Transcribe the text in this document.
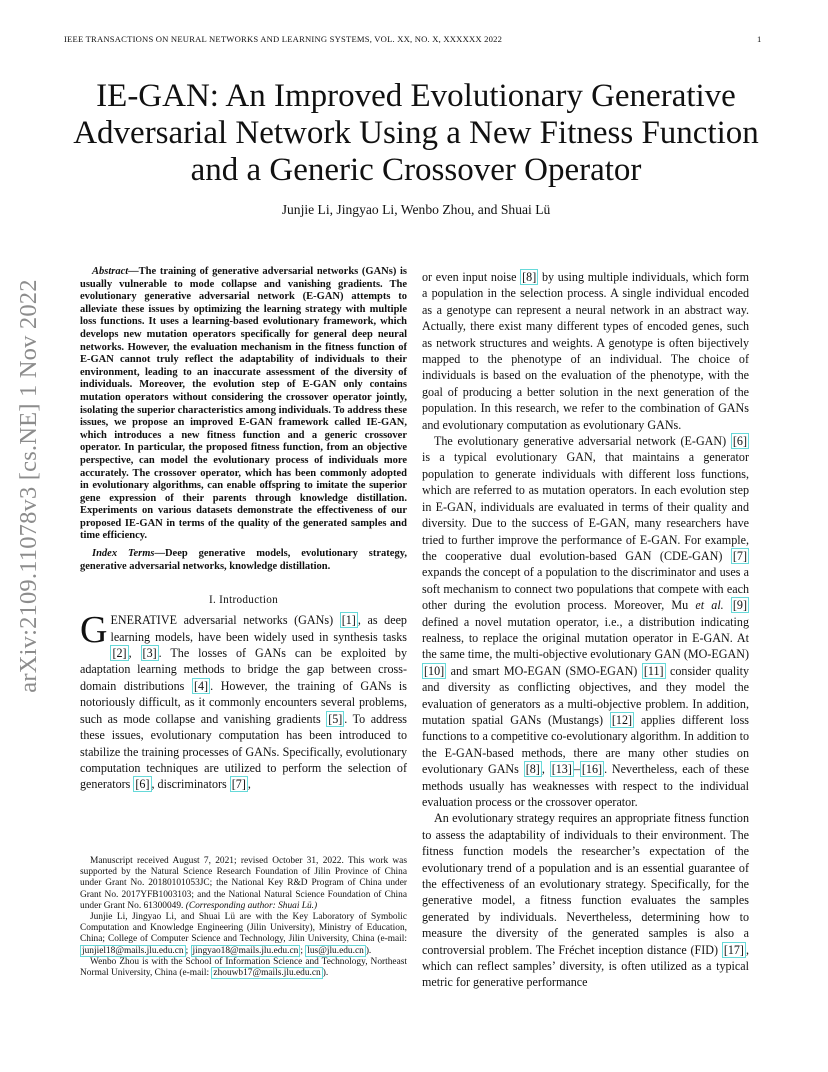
IEEE TRANSACTIONS ON NEURAL NETWORKS AND LEARNING SYSTEMS, VOL. XX, NO. X, XXXXXX 2022	1
arXiv:2109.11078v3 [cs.NE] 1 Nov 2022
IE-GAN: An Improved Evolutionary Generative Adversarial Network Using a New Fitness Function and a Generic Crossover Operator
Junjie Li, Jingyao Li, Wenbo Zhou, and Shuai Lü

Abstract—The training of generative adversarial networks (GANs) is usually vulnerable to mode collapse and vanishing gradients. The evolutionary generative adversarial network (E-GAN) attempts to alleviate these issues by optimizing the learning strategy with multiple loss functions. It uses a learning-based evolutionary framework, which develops new mutation operators specifically for general deep neural networks. However, the evaluation mechanism in the fitness function of E-GAN cannot truly reflect the adaptability of individuals to their environment, leading to an inaccurate assessment of the diversity of individuals. Moreover, the evolution step of E-GAN only contains mutation operators without considering the crossover operator jointly, isolating the superior characteristics among individuals. To address these issues, we propose an improved E-GAN framework called IE-GAN, which introduces a new fitness function and a generic crossover operator. In particular, the proposed fitness function, from an objective perspective, can model the evolutionary process of individuals more accurately. The crossover operator, which has been commonly adopted in evolutionary algorithms, can enable offspring to imitate the superior gene expression of their parents through knowledge distillation. Experiments on various datasets demonstrate the effectiveness of our proposed IE-GAN in terms of the quality of the generated samples and time efficiency.

Index Terms—Deep generative models, evolutionary strategy, generative adversarial networks, knowledge distillation.

I. Introduction

GENERATIVE adversarial networks (GANs) [1] , as deep learning models, have been widely used in synthesis tasks [2] , [3] . The losses of GANs can be exploited by adaptation learning methods to bridge the gap between cross-domain distributions [4] . However, the training of GANs is notoriously difficult, as it commonly encounters several problems, such as mode collapse and vanishing gradients [5] . To address these issues, evolutionary computation has been introduced to stabilize the training processes of GANs. Specifically, evolutionary computation techniques are utilized to perform the selection of generators [6] , discriminators [7] ,

or even input noise [8] by using multiple individuals, which form a population in the selection process. A single individual encoded as a genotype can represent a neural network in an abstract way. Actually, there exist many different types of encoded genes, such as network structures and weights. A genotype is often bijectively mapped to the phenotype of an individual. The choice of individuals is based on the evaluation of the phenotype, with the goal of producing a better solution in the next generation of the population. In this research, we refer to the combination of GANs and evolutionary computation as evolutionary GANs.

The evolutionary generative adversarial network (E-GAN) [6] is a typical evolutionary GAN, that maintains a generator population to generate individuals with different loss functions, which are referred to as mutation operators. In each evolution step in E-GAN, individuals are evaluated in terms of their quality and diversity. Due to the success of E-GAN, many researchers have tried to further improve the performance of E-GAN. For example, the cooperative dual evolution-based GAN (CDE-GAN) [7] expands the concept of a population to the discriminator and uses a soft mechanism to connect two populations that compete with each other during the evolution process. Moreover, Mu et al. [9] defined a novel mutation operator, i.e., a distribution indicating realness, to replace the original mutation operator in E-GAN. At the same time, the multi-objective evolutionary GAN (MO-EGAN) [10] and smart MO-EGAN (SMO-EGAN) [11] consider quality and diversity as conflicting objectives, and they model the evaluation of generators as a multi-objective problem. In addition, mutation spatial GANs (Mustangs) [12] applies different loss functions to a competitive co-evolutionary algorithm. In addition to the E-GAN-based methods, there are many other studies on evolutionary GANs [8] , [13] – [16] . Nevertheless, each of these methods usually has weaknesses with respect to the individual evaluation process or the crossover operator.

An evolutionary strategy requires an appropriate fitness function to assess the adaptability of individuals to their environment. The fitness function models the researcher’s expectation of the evolutionary trend of a population and is an essential guarantee of the effectiveness of an evolutionary strategy. Specifically, for the generative model, a fitness function evaluates the samples generated by individuals. Nevertheless, determining how to measure the diversity of the generated samples is also a controversial problem. The Fréchet inception distance (FID) [17] , which can reflect samples’ diversity, is often utilized as a typical metric for generative performance

Manuscript received August 7, 2021; revised October 31, 2022. This work was supported by the Natural Science Research Foundation of Jilin Province of China under Grant No. 20180101053JC; the National Key R&D Program of China under Grant No. 2017YFB1003103; and the National Natural Science Foundation of China under Grant No. 61300049. (Corresponding author: Shuai Lü.)

Junjie Li, Jingyao Li, and Shuai Lü are with the Key Laboratory of Symbolic Computation and Knowledge Engineering (Jilin University), Ministry of Education, China; College of Computer Science and Technology, Jilin University, China (e-mail: junjiel18@mails.jlu.edu.cn ; jingyao18@mails.jlu.edu.cn ; lus@jlu.edu.cn ).

Wenbo Zhou is with the School of Information Science and Technology, Northeast Normal University, China (e-mail: zhouwb17@mails.jlu.edu.cn ).
